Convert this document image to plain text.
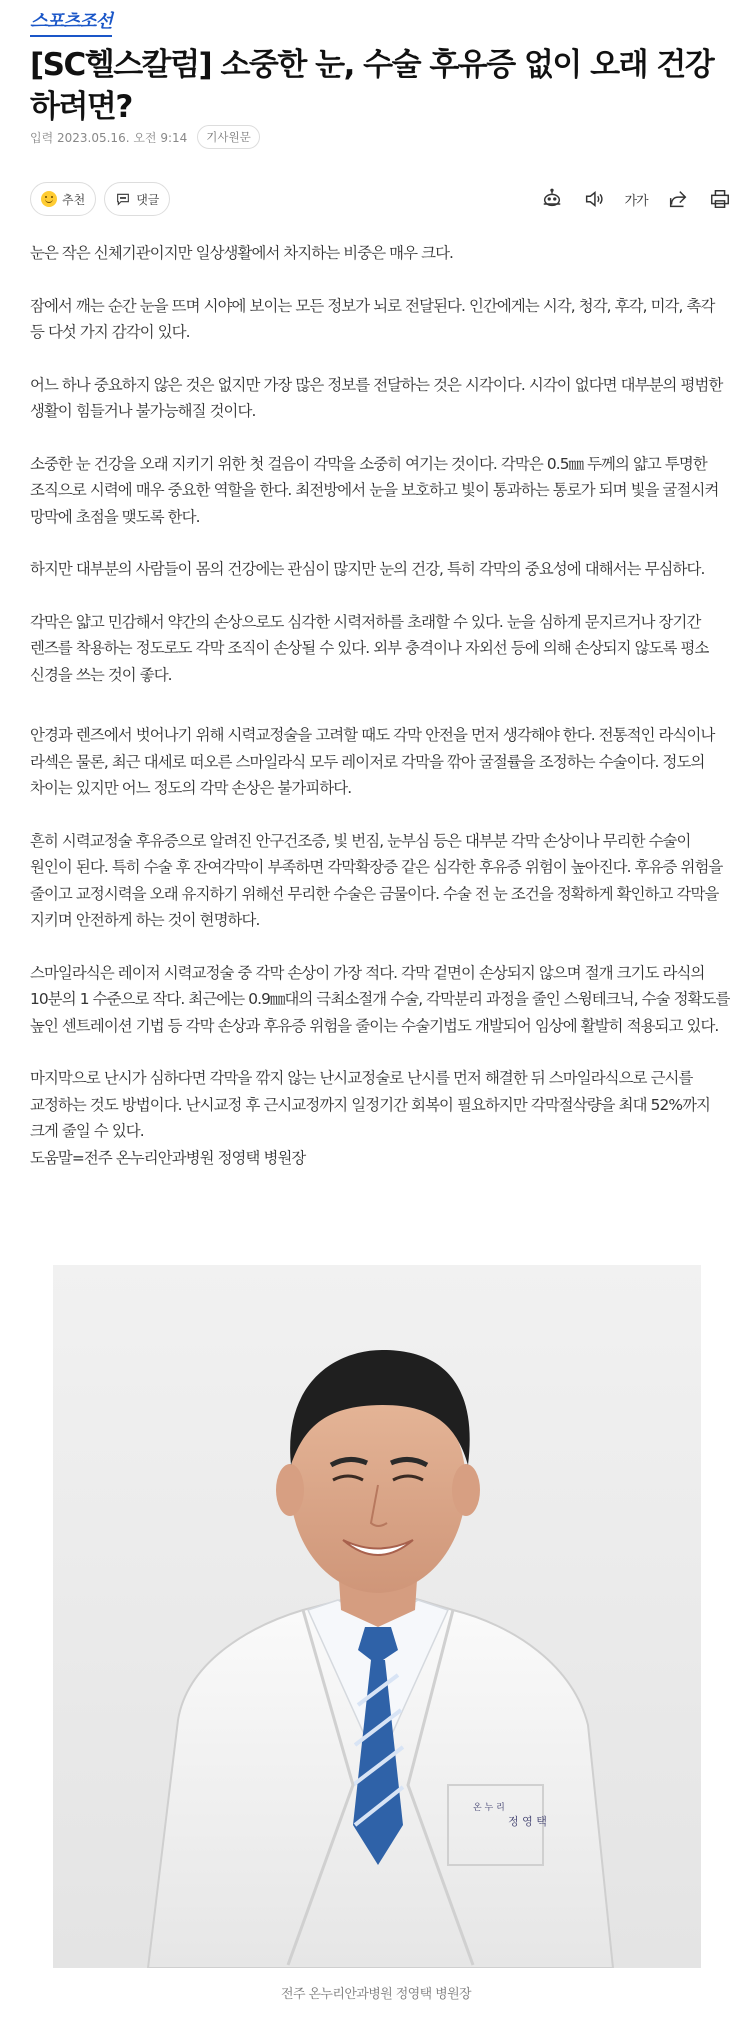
스포츠조선
[SC헬스칼럼] 소중한 눈, 수술 후유증 없이 오래 건강하려면?
입력 2023.05.16. 오전 9:14	기사원문
추천	댓글	가가

눈은 작은 신체기관이지만 일상생활에서 차지하는 비중은 매우 크다.

잠에서 깨는 순간 눈을 뜨며 시야에 보이는 모든 정보가 뇌로 전달된다. 인간에게는 시각, 청각, 후각, 미각, 촉각 등 다섯 가지 감각이 있다.

어느 하나 중요하지 않은 것은 없지만 가장 많은 정보를 전달하는 것은 시각이다. 시각이 없다면 대부분의 평범한 생활이 힘들거나 불가능해질 것이다.

소중한 눈 건강을 오래 지키기 위한 첫 걸음이 각막을 소중히 여기는 것이다. 각막은 0.5㎜ 두께의 얇고 투명한 조직으로 시력에 매우 중요한 역할을 한다. 최전방에서 눈을 보호하고 빛이 통과하는 통로가 되며 빛을 굴절시켜 망막에 초점을 맺도록 한다.

하지만 대부분의 사람들이 몸의 건강에는 관심이 많지만 눈의 건강, 특히 각막의 중요성에 대해서는 무심하다.

각막은 얇고 민감해서 약간의 손상으로도 심각한 시력저하를 초래할 수 있다. 눈을 심하게 문지르거나 장기간 렌즈를 착용하는 정도로도 각막 조직이 손상될 수 있다. 외부 충격이나 자외선 등에 의해 손상되지 않도록 평소 신경을 쓰는 것이 좋다.

안경과 렌즈에서 벗어나기 위해 시력교정술을 고려할 때도 각막 안전을 먼저 생각해야 한다. 전통적인 라식이나 라섹은 물론, 최근 대세로 떠오른 스마일라식 모두 레이저로 각막을 깎아 굴절률을 조정하는 수술이다. 정도의 차이는 있지만 어느 정도의 각막 손상은 불가피하다.

흔히 시력교정술 후유증으로 알려진 안구건조증, 빛 번짐, 눈부심 등은 대부분 각막 손상이나 무리한 수술이 원인이 된다. 특히 수술 후 잔여각막이 부족하면 각막확장증 같은 심각한 후유증 위험이 높아진다. 후유증 위험을 줄이고 교정시력을 오래 유지하기 위해선 무리한 수술은 금물이다. 수술 전 눈 조건을 정확하게 확인하고 각막을 지키며 안전하게 하는 것이 현명하다.

스마일라식은 레이저 시력교정술 중 각막 손상이 가장 적다. 각막 겉면이 손상되지 않으며 절개 크기도 라식의 10분의 1 수준으로 작다. 최근에는 0.9㎜대의 극최소절개 수술, 각막분리 과정을 줄인 스윙테크닉, 수술 정확도를 높인 센트레이션 기법 등 각막 손상과 후유증 위험을 줄이는 수술기법도 개발되어 임상에 활발히 적용되고 있다.

마지막으로 난시가 심하다면 각막을 깎지 않는 난시교정술로 난시를 먼저 해결한 뒤 스마일라식으로 근시를 교정하는 것도 방법이다. 난시교정 후 근시교정까지 일정기간 회복이 필요하지만 각막절삭량을 최대 52%까지 크게 줄일 수 있다.

도움말=전주 온누리안과병원 정영택 병원장

온 누 리
정 영 택
전주 온누리안과병원 정영택 병원장
